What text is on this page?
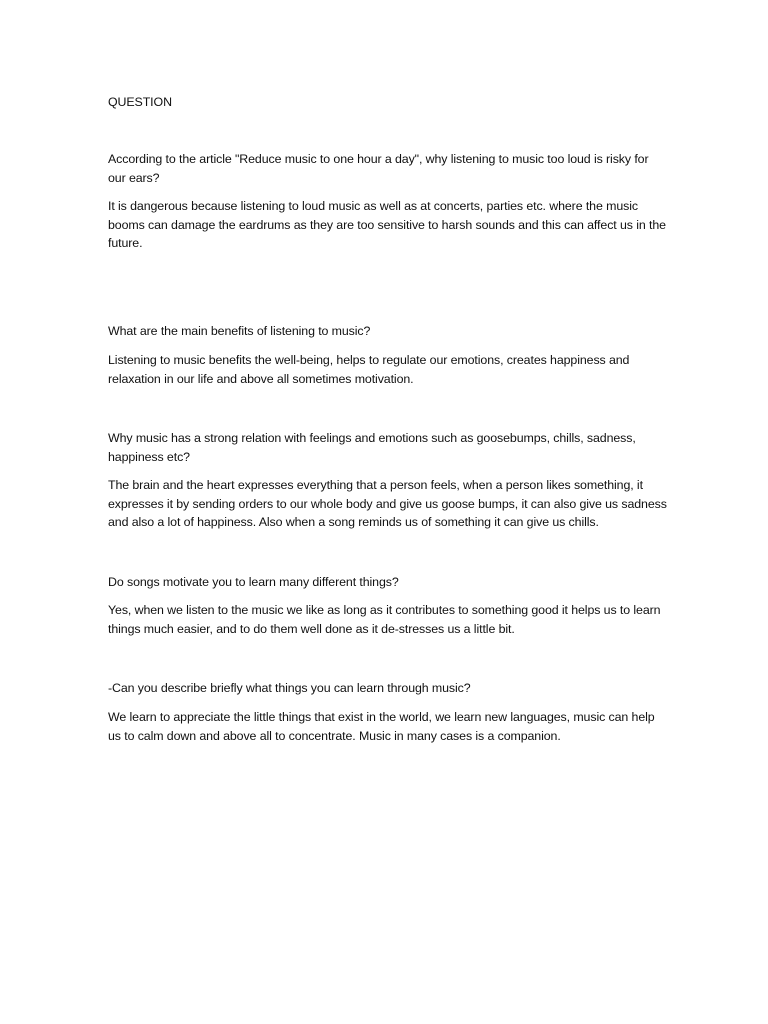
QUESTION

According to the article "Reduce music to one hour a day", why listening to music too loud is risky for our ears?

It is dangerous because listening to loud music as well as at concerts, parties etc. where the music booms can damage the eardrums as they are too sensitive to harsh sounds and this can affect us in the future.

What are the main benefits of listening to music?

Listening to music benefits the well-being, helps to regulate our emotions, creates happiness and relaxation in our life and above all sometimes motivation.

Why music has a strong relation with feelings and emotions such as goosebumps, chills, sadness, happiness etc?

The brain and the heart expresses everything that a person feels, when a person likes something, it expresses it by sending orders to our whole body and give us goose bumps, it can also give us sadness and also a lot of happiness. Also when a song reminds us of something it can give us chills.

Do songs motivate you to learn many different things?

Yes, when we listen to the music we like as long as it contributes to something good it helps us to learn things much easier, and to do them well done as it de-stresses us a little bit.

-Can you describe briefly what things you can learn through music?

We learn to appreciate the little things that exist in the world, we learn new languages, music can help us to calm down and above all to concentrate. Music in many cases is a companion.
